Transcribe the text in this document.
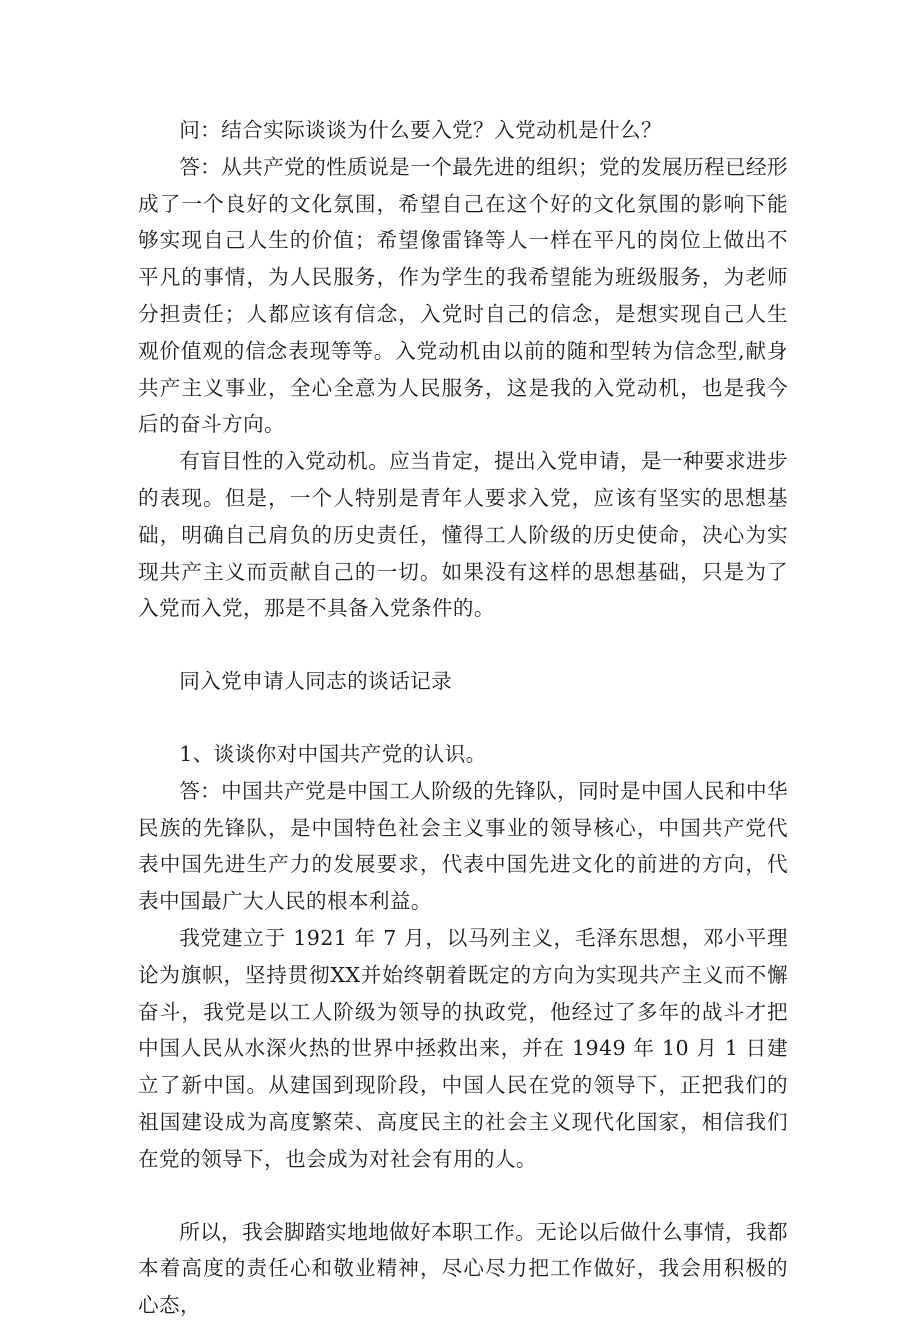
问：结合实际谈谈为什么要入党？入党动机是什么？

答：从共产党的性质说是一个最先进的组织；党的发展历程已经形成了一个良好的文化氛围，希望自己在这个好的文化氛围的影响下能够实现自己人生的价值；希望像雷锋等人一样在平凡的岗位上做出不平凡的事情，为人民服务，作为学生的我希望能为班级服务，为老师分担责任；人都应该有信念，入党时自己的信念，是想实现自己人生观价值观的信念表现等等。入党动机由以前的随和型转为信念型,献身共产主义事业，全心全意为人民服务，这是我的入党动机，也是我今后的奋斗方向。

有盲目性的入党动机。应当肯定，提出入党申请，是一种要求进步的表现。但是，一个人特别是青年人要求入党，应该有坚实的思想基础，明确自己肩负的历史责任，懂得工人阶级的历史使命，决心为实现共产主义而贡献自己的一切。如果没有这样的思想基础，只是为了入党而入党，那是不具备入党条件的。

同入党申请人同志的谈话记录

1、谈谈你对中国共产党的认识。

答：中国共产党是中国工人阶级的先锋队，同时是中国人民和中华民族的先锋队，是中国特色社会主义事业的领导核心，中国共产党代表中国先进生产力的发展要求，代表中国先进文化的前进的方向，代表中国最广大人民的根本利益。

我党建立于 1921 年 7 月，以马列主义，毛泽东思想，邓小平理论为旗帜，坚持贯彻XX并始终朝着既定的方向为实现共产主义而不懈奋斗，我党是以工人阶级为领导的执政党，他经过了多年的战斗才把中国人民从水深火热的世界中拯救出来，并在 1949 年 10 月 1 日建立了新中国。从建国到现阶段，中国人民在党的领导下，正把我们的祖国建设成为高度繁荣、高度民主的社会主义现代化国家，相信我们在党的领导下，也会成为对社会有用的人。

所以，我会脚踏实地地做好本职工作。无论以后做什么事情，我都本着高度的责任心和敬业精神，尽心尽力把工作做好，我会用积极的心态，
